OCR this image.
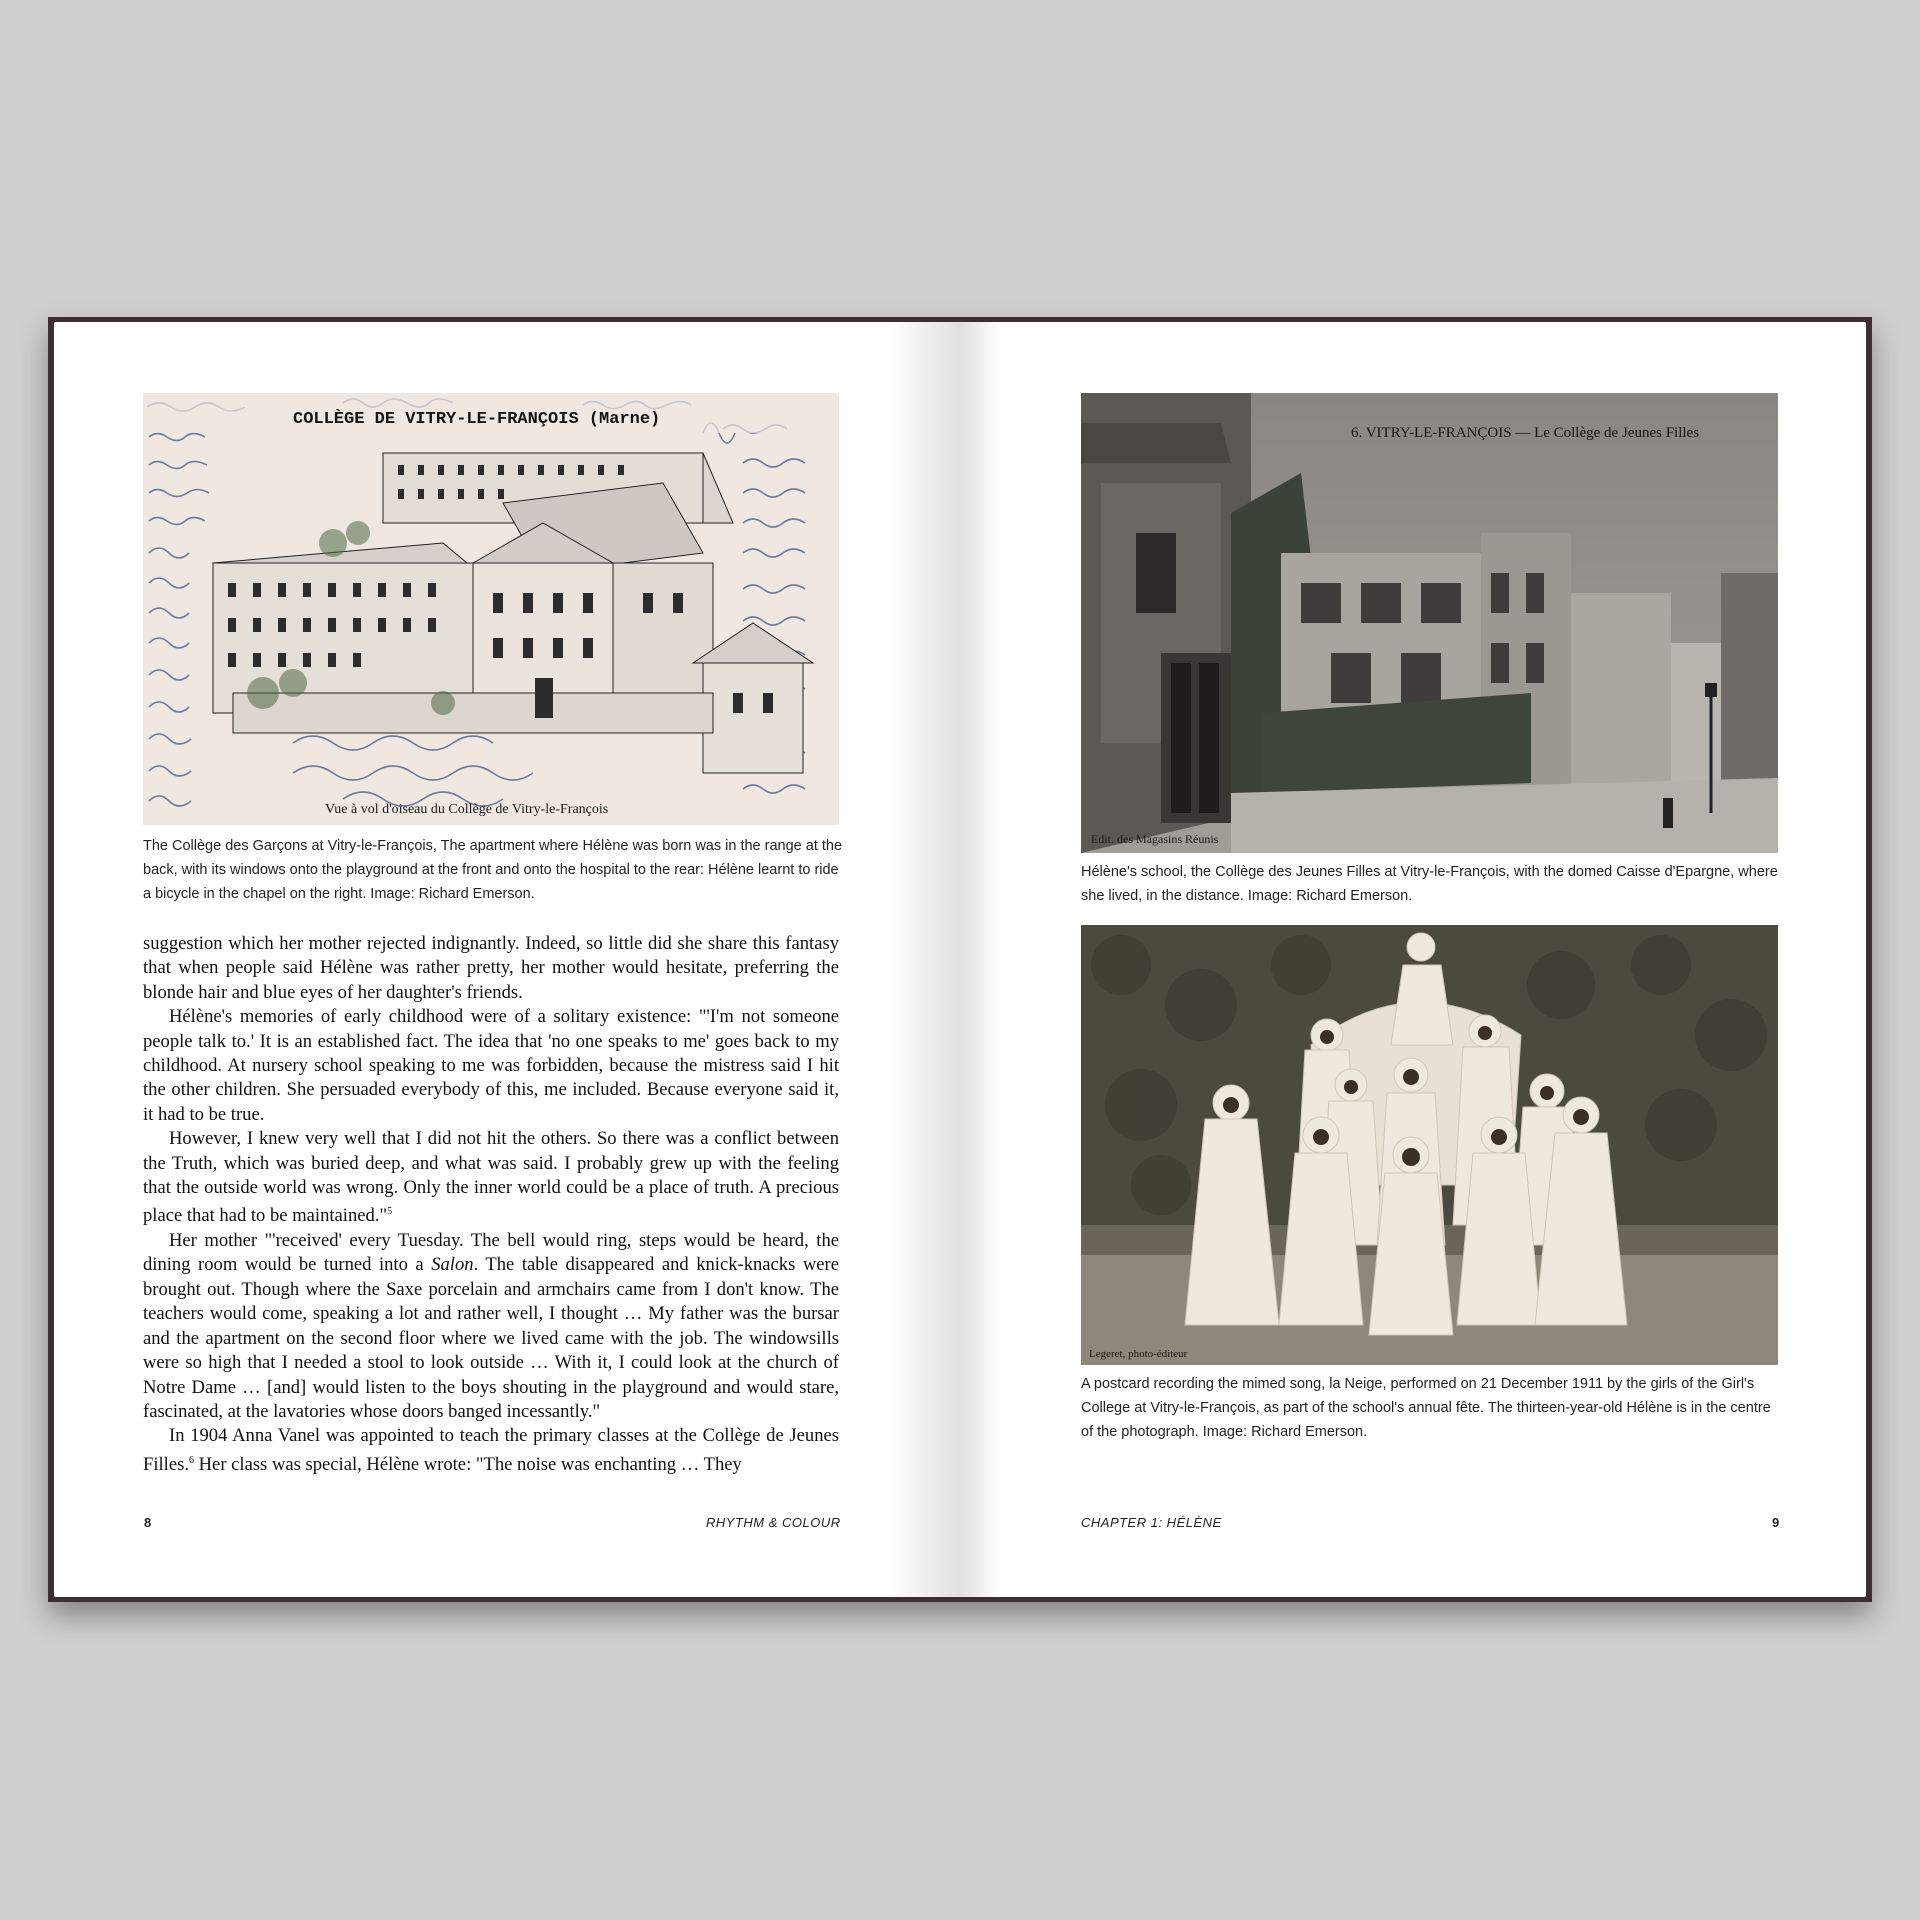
COLLÈGE DE VITRY-LE-FRANÇOIS (Marne)
Vue à vol d'oiseau du Collège de Vitry-le-François

The Collège des Garçons at Vitry-le-François, The apartment where Hélène was born was in the range at the back, with its windows onto the playground at the front and onto the hospital to the rear: Hélène learnt to ride a bicycle in the chapel on the right. Image: Richard Emerson.

suggestion which her mother rejected indignantly. Indeed, so little did she share this fantasy that when people said Hélène was rather pretty, her mother would hesitate, preferring the blonde hair and blue eyes of her daughter's friends.

Hélène's memories of early childhood were of a solitary existence: "'I'm not someone people talk to.' It is an established fact. The idea that 'no one speaks to me' goes back to my childhood. At nursery school speaking to me was forbidden, because the mistress said I hit the other children. She persuaded everybody of this, me included. Because everyone said it, it had to be true.

However, I knew very well that I did not hit the others. So there was a conflict between the Truth, which was buried deep, and what was said. I probably grew up with the feeling that the outside world was wrong. Only the inner world could be a place of truth. A precious place that had to be maintained."$^5$

Her mother "'received' every Tuesday. The bell would ring, steps would be heard, the dining room would be turned into a Salon. The table disappeared and knick-knacks were brought out. Though where the Saxe porcelain and armchairs came from I don't know. The teachers would come, speaking a lot and rather well, I thought … My father was the bursar and the apartment on the second floor where we lived came with the job. The windowsills were so high that I needed a stool to look outside … With it, I could look at the church of Notre Dame … [and] would listen to the boys shouting in the playground and would stare, fascinated, at the lavatories whose doors banged incessantly."

In 1904 Anna Vanel was appointed to teach the primary classes at the Collège de Jeunes Filles.$^6$ Her class was special, Hélène wrote: "The noise was enchanting … They

8	RHYTHM & COLOUR
6. VITRY-LE-FRANÇOIS — Le Collège de Jeunes Filles
Edit. des Magasins Réunis

Hélène's school, the Collège des Jeunes Filles at Vitry-le-François, with the domed Caisse d'Epargne, where she lived, in the distance. Image: Richard Emerson.

Legeret, photo-éditeur

A postcard recording the mimed song, la Neige, performed on 21 December 1911 by the girls of the Girl's College at Vitry-le-François, as part of the school's annual fête. The thirteen-year-old Hélène is in the centre of the photograph. Image: Richard Emerson.

CHAPTER 1: HÉLÈNE	9
